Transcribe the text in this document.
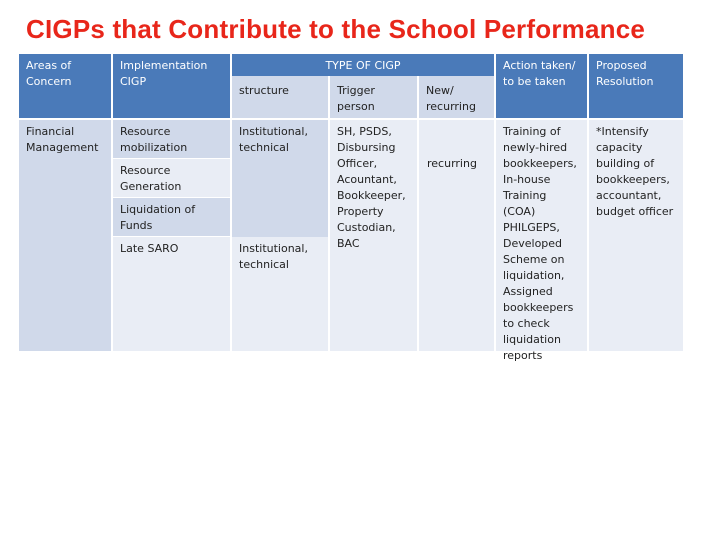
CIGPs that Contribute to the School Performance
Areas of Concern
Implementation CIGP
TYPE OF CIGP	Action taken/ to be taken
Proposed Resolution
structure	Trigger person
New/ recurring
Financial Management
Resource mobilization
Resource Generation
Liquidation of Funds
Late SARO
Institutional, technical
Institutional, technical
SH, PSDS, Disbursing Officer, Acountant, Bookkeeper, Property Custodian, BAC
recurring
Training of newly-hired bookkeepers, In-house Training (COA) PHILGEPS, Developed Scheme on liquidation, Assigned bookkeepers to check liquidation reports
*Intensify capacity building of bookkeepers, accountant, budget officer
